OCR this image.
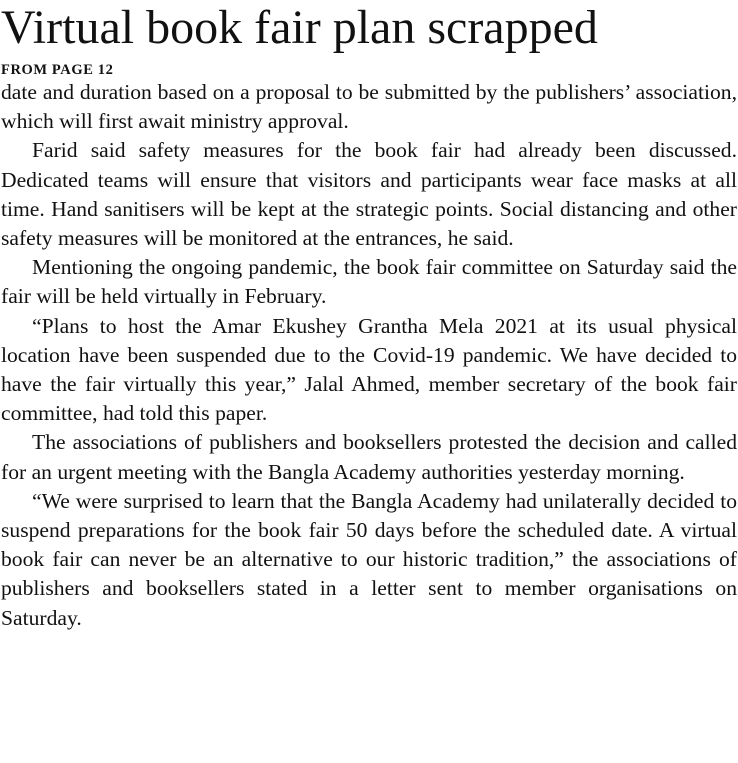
Virtual book fair plan scrapped
FROM PAGE 12

date and duration based on a proposal to be submitted by the publishers’ association, which will first await ministry approval.

Farid said safety measures for the book fair had already been discussed. Dedicated teams will ensure that visitors and participants wear face masks at all time. Hand sanitisers will be kept at the strategic points. Social distancing and other safety measures will be monitored at the entrances, he said.

Mentioning the ongoing pandemic, the book fair committee on Saturday said the fair will be held virtually in February.

“Plans to host the Amar Ekushey Grantha Mela 2021 at its usual physical location have been suspended due to the Covid-19 pandemic. We have decided to have the fair virtually this year,” Jalal Ahmed, member secretary of the book fair committee, had told this paper.

The associations of publishers and booksellers protested the decision and called for an urgent meeting with the Bangla Academy authorities yesterday morning.

“We were surprised to learn that the Bangla Academy had unilaterally decided to suspend preparations for the book fair 50 days before the scheduled date. A virtual book fair can never be an alternative to our historic tradition,” the associations of publishers and booksellers stated in a letter sent to member organisations on Saturday.
